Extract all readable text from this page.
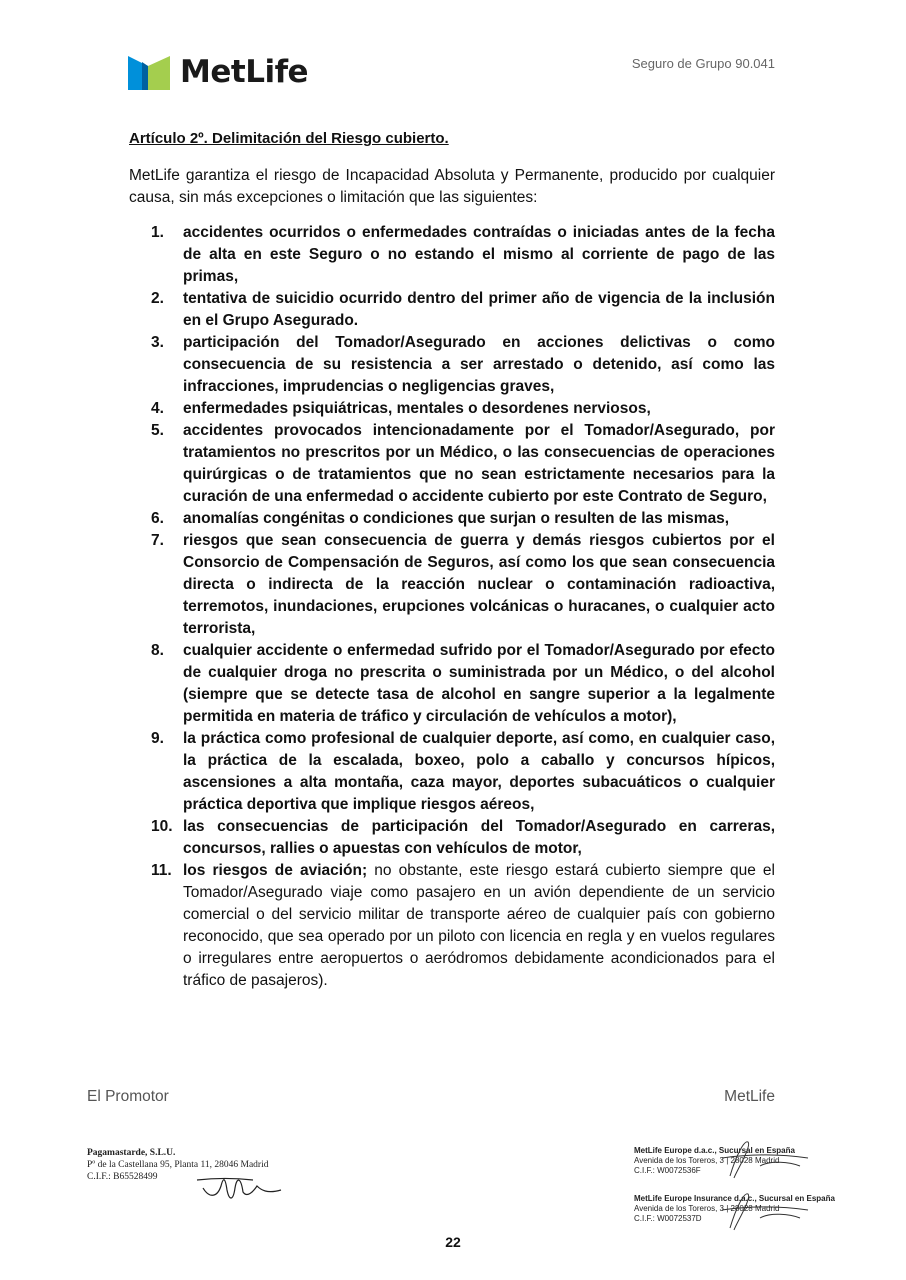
MetLife	Seguro de Grupo 90.041

Artículo 2º. Delimitación del Riesgo cubierto.

MetLife garantiza el riesgo de Incapacidad Absoluta y Permanente, producido por cualquier causa, sin más excepciones o limitación que las siguientes:

1.	accidentes ocurridos o enfermedades contraídas o iniciadas antes de la fecha de alta en este Seguro o no estando el mismo al corriente de pago de las primas,
2.	tentativa de suicidio ocurrido dentro del primer año de vigencia de la inclusión en el Grupo Asegurado.
3.	participación del Tomador/Asegurado en acciones delictivas o como consecuencia de su resistencia a ser arrestado o detenido, así como las infracciones, imprudencias o negligencias graves,
4.	enfermedades psiquiátricas, mentales o desordenes nerviosos,
5.	accidentes provocados intencionadamente por el Tomador/Asegurado, por tratamientos no prescritos por un Médico, o las consecuencias de operaciones quirúrgicas o de tratamientos que no sean estrictamente necesarios para la curación de una enfermedad o accidente cubierto por este Contrato de Seguro,
6.	anomalías congénitas o condiciones que surjan o resulten de las mismas,
7.	riesgos que sean consecuencia de guerra y demás riesgos cubiertos por el Consorcio de Compensación de Seguros, así como los que sean consecuencia directa o indirecta de la reacción nuclear o contaminación radioactiva, terremotos, inundaciones, erupciones volcánicas o huracanes, o cualquier acto terrorista,
8.	cualquier accidente o enfermedad sufrido por el Tomador/Asegurado por efecto de cualquier droga no prescrita o suministrada por un Médico, o del alcohol (siempre que se detecte tasa de alcohol en sangre superior a la legalmente permitida en materia de tráfico y circulación de vehículos a motor),
9.	la práctica como profesional de cualquier deporte, así como, en cualquier caso, la práctica de la escalada, boxeo, polo a caballo y concursos hípicos, ascensiones a alta montaña, caza mayor, deportes subacuáticos o cualquier práctica deportiva que implique riesgos aéreos,
10. las consecuencias de participación del Tomador/Asegurado en carreras, concursos, rallies o apuestas con vehículos de motor,
11. los riesgos de aviación; no obstante, este riesgo estará cubierto siempre que el Tomador/Asegurado viaje como pasajero en un avión dependiente de un servicio comercial o del servicio militar de transporte aéreo de cualquier país con gobierno reconocido, que sea operado por un piloto con licencia en regla y en vuelos regulares o irregulares entre aeropuertos o aeródromos debidamente acondicionados para el tráfico de pasajeros).
El Promotor	MetLife
Pagamastarde, S.L.U.
Pº de la Castellana 95, Planta 11, 28046 Madrid
C.I.F.: B65528499
MetLife Europe d.a.c., Sucursal en España
Avenida de los Toreros, 3 | 28028 Madrid
C.I.F.: W0072536F
MetLife Europe Insurance d.a.c., Sucursal en España
Avenida de los Toreros, 3 | 28028 Madrid
C.I.F.: W0072537D
22
